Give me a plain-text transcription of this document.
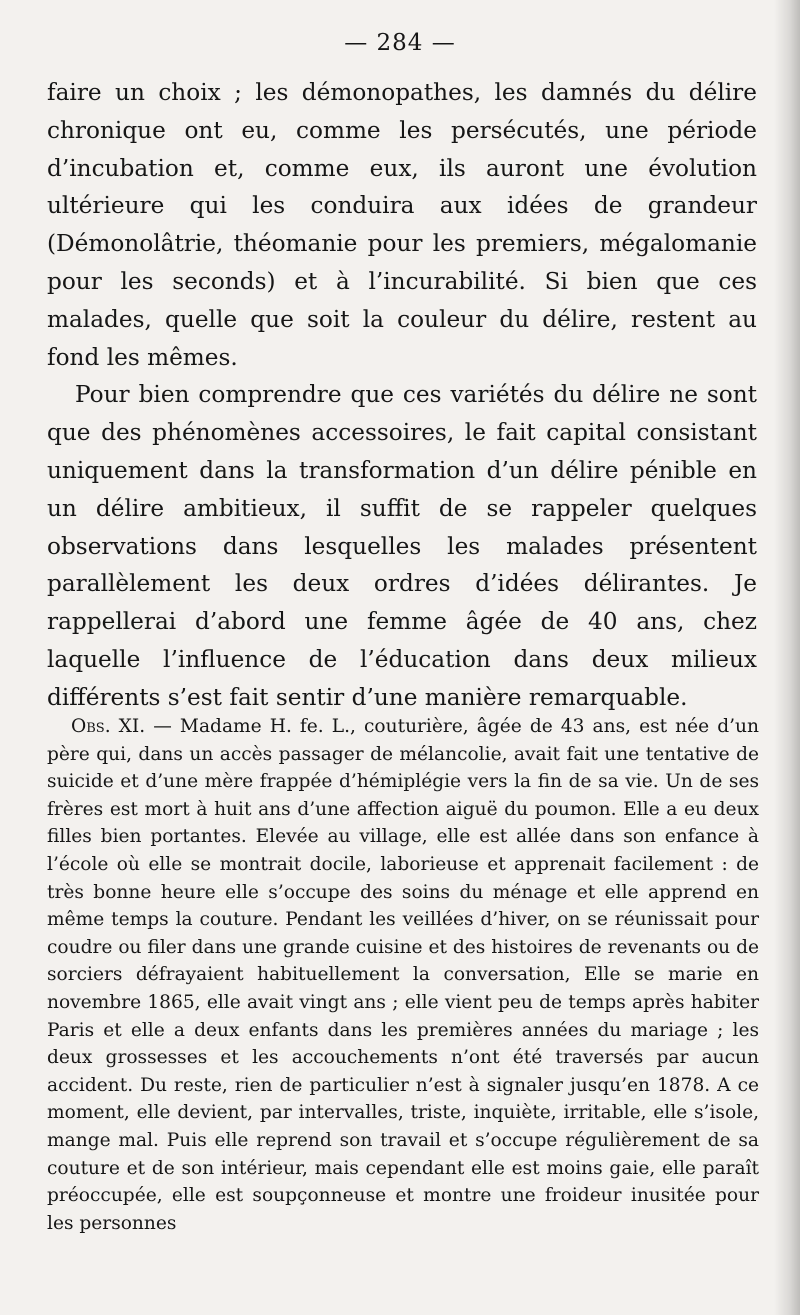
— 284 —

faire un choix ; les démonopathes, les damnés du délire chronique ont eu, comme les persécutés, une période d’incubation et, comme eux, ils auront une évolution ultérieure qui les conduira aux idées de grandeur (Démonolâtrie, théomanie pour les premiers, mégalomanie pour les seconds) et à l’incurabilité. Si bien que ces malades, quelle que soit la couleur du délire, restent au fond les mêmes.

Pour bien comprendre que ces variétés du délire ne sont que des phénomènes accessoires, le fait capital consistant uniquement dans la transformation d’un délire pénible en un délire ambitieux, il suffit de se rappeler quelques observations dans lesquelles les malades présentent parallèlement les deux ordres d’idées délirantes. Je rappellerai d’abord une femme âgée de 40 ans, chez laquelle l’influence de l’éducation dans deux milieux différents s’est fait sentir d’une manière remarquable.

Obs. XI. — Madame H. fe. L., couturière, âgée de 43 ans, est née d’un père qui, dans un accès passager de mélancolie, avait fait une tentative de suicide et d’une mère frappée d’hémiplégie vers la fin de sa vie. Un de ses frères est mort à huit ans d’une affection aiguë du poumon. Elle a eu deux filles bien portantes. Elevée au village, elle est allée dans son enfance à l’école où elle se montrait docile, laborieuse et apprenait facilement : de très bonne heure elle s’occupe des soins du ménage et elle apprend en même temps la couture. Pendant les veillées d’hiver, on se réunissait pour coudre ou filer dans une grande cuisine et des histoires de revenants ou de sorciers défrayaient habituellement la conversation, Elle se marie en novembre 1865, elle avait vingt ans ; elle vient peu de temps après habiter Paris et elle a deux enfants dans les premières années du mariage ; les deux grossesses et les accouchements n’ont été traversés par aucun accident. Du reste, rien de particulier n’est à signaler jusqu’en 1878. A ce moment, elle devient, par intervalles, triste, inquiète, irritable, elle s’isole, mange mal. Puis elle reprend son travail et s’occupe régulièrement de sa couture et de son intérieur, mais cependant elle est moins gaie, elle paraît préoccupée, elle est soupçonneuse et montre une froideur inusitée pour les personnes
